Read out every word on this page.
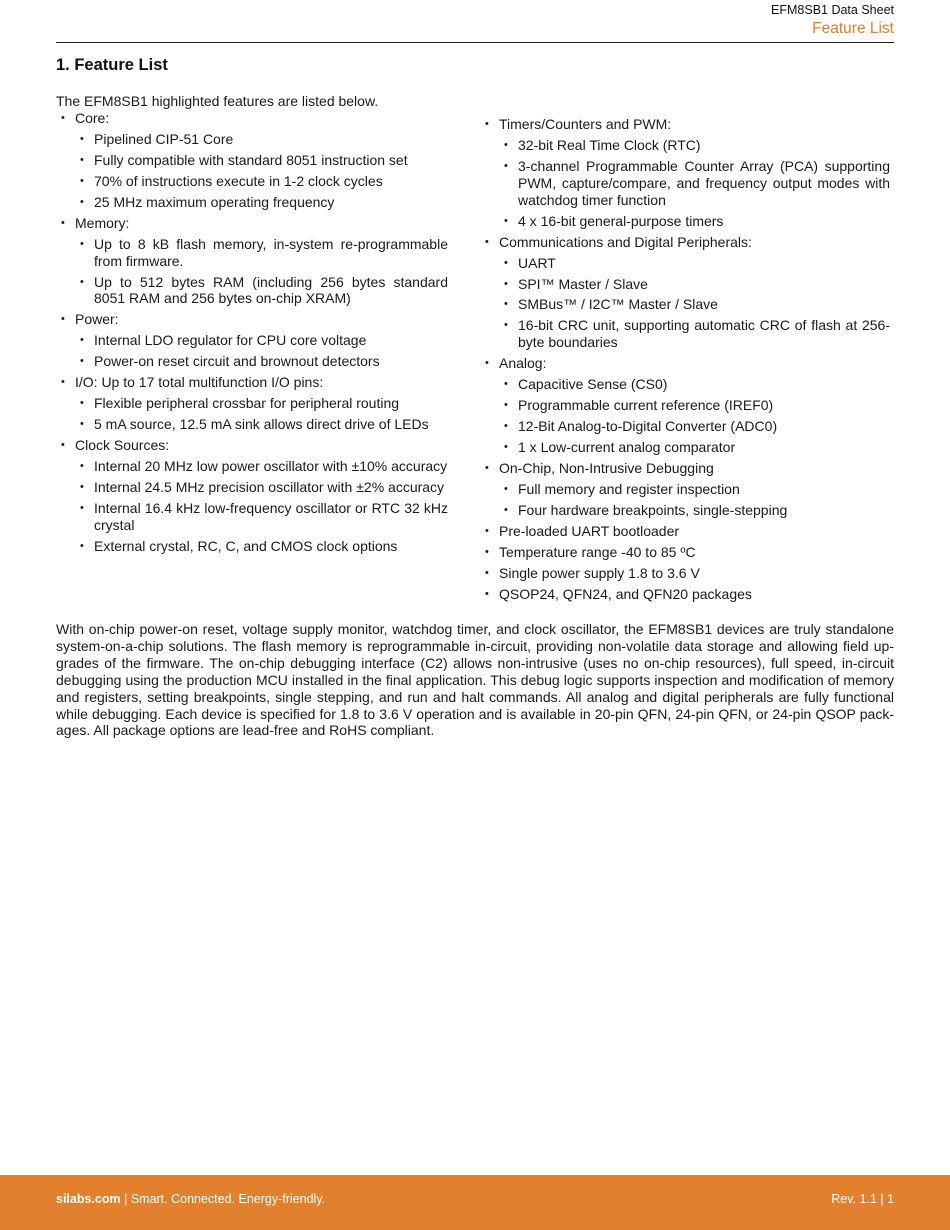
EFM8SB1 Data Sheet
Feature List
1. Feature List
The EFM8SB1 highlighted features are listed below.
• Core:
• Pipelined CIP-51 Core
• Fully compatible with standard 8051 instruction set
• 70% of instructions execute in 1-2 clock cycles
• 25 MHz maximum operating frequency
• Memory:
• Up to 8 kB flash memory, in-system re-programmable from firmware.
• Up to 512 bytes RAM (including 256 bytes standard 8051 RAM and 256 bytes on-chip XRAM)
• Power:
• Internal LDO regulator for CPU core voltage
• Power-on reset circuit and brownout detectors
• I/O: Up to 17 total multifunction I/O pins:
• Flexible peripheral crossbar for peripheral routing
• 5 mA source, 12.5 mA sink allows direct drive of LEDs
• Clock Sources:
• Internal 20 MHz low power oscillator with ±10% accuracy
• Internal 24.5 MHz precision oscillator with ±2% accuracy
• Internal 16.4 kHz low-frequency oscillator or RTC 32 kHz crystal
• External crystal, RC, C, and CMOS clock options
• Timers/Counters and PWM:
• 32-bit Real Time Clock (RTC)
• 3-channel Programmable Counter Array (PCA) supporting PWM, capture/compare, and frequency output modes with watchdog timer function
• 4 x 16-bit general-purpose timers
• Communications and Digital Peripherals:
• UART
• SPI™ Master / Slave
• SMBus™ / I2C™ Master / Slave
• 16-bit CRC unit, supporting automatic CRC of flash at 256-byte boundaries
• Analog:
• Capacitive Sense (CS0)
• Programmable current reference (IREF0)
• 12-Bit Analog-to-Digital Converter (ADC0)
• 1 x Low-current analog comparator
• On-Chip, Non-Intrusive Debugging
• Full memory and register inspection
• Four hardware breakpoints, single-stepping
• Pre-loaded UART bootloader
• Temperature range -40 to 85 ºC
• Single power supply 1.8 to 3.6 V
• QSOP24, QFN24, and QFN20 packages

With on-chip power-on reset, voltage supply monitor, watchdog timer, and clock oscillator, the EFM8SB1 devices are truly standalone system-on-a-chip solutions. The flash memory is reprogrammable in-circuit, providing non-volatile data storage and allowing field upgrades of the firmware. The on-chip debugging interface (C2) allows non-intrusive (uses no on-chip resources), full speed, in-circuit debugging using the production MCU installed in the final application. This debug logic supports inspection and modification of memory and registers, setting breakpoints, single stepping, and run and halt commands. All analog and digital peripherals are fully functional while debugging. Each device is specified for 1.8 to 3.6 V operation and is available in 20-pin QFN, 24-pin QFN, or 24-pin QSOP packages. All package options are lead-free and RoHS compliant.

silabs.com | Smart. Connected. Energy-friendly.	Rev. 1.1 | 1
